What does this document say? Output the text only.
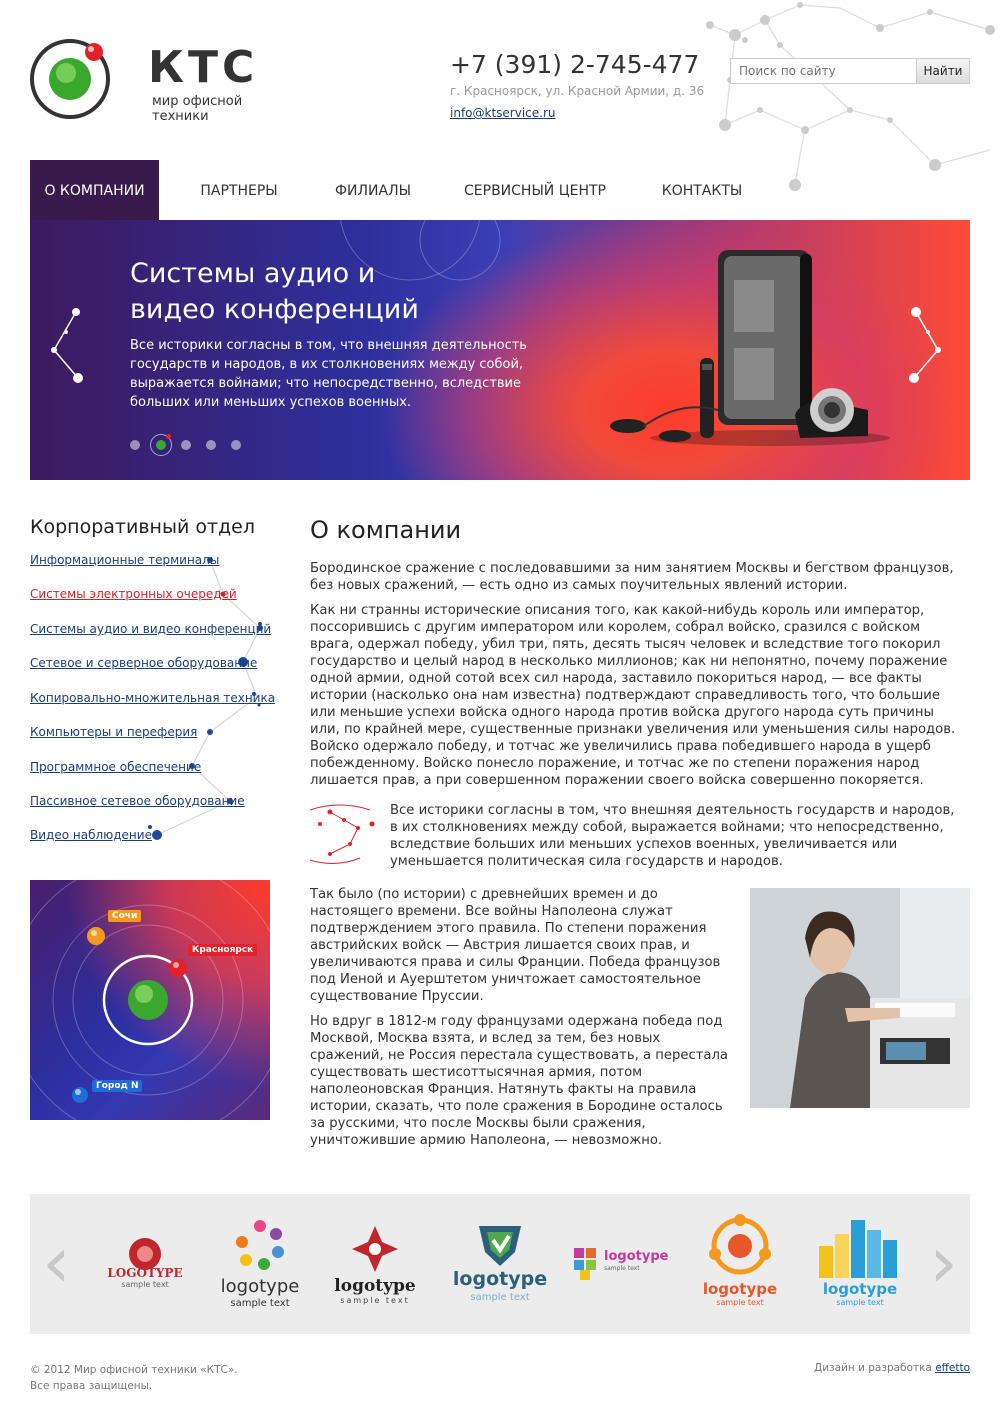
КТС
мир офисной техники
+7 (391) 2-745-477
г. Красноярск, ул. Красной Армии, д. 36
info@ktservice.ru
Поиск по сайту
Найти
О КОМПАНИИ	ПАРТНЕРЫ	ФИЛИАЛЫ	СЕРВИСНЫЙ ЦЕНТР	КОНТАКТЫ
Системы аудио и
видео конференций
Все историки согласны в том, что внешняя деятельность государств и народов, в их столкновениях между собой, выражается войнами; что непосредственно, вследствие больших или меньших успехов военных.
Корпоративный отдел
Информационные терминалы
Системы электронных очередей
Системы аудио и видео конференций
Сетевое и серверное оборудование
Копировально-множительная техника
Компьютеры и переферия
Программное обеспечение
Пассивное сетевое оборудование
Видео наблюдение
Сочи
Красноярск
Город N
О компании

Бородинское сражение с последовавшими за ним занятием Москвы и бегством французов, без новых сражений, — есть одно из самых поучительных явлений истории.

Как ни странны исторические описания того, как какой-нибудь король или император, поссорившись с другим императором или королем, собрал войско, сразился с войском врага, одержал победу, убил три, пять, десять тысяч человек и вследствие того покорил государство и целый народ в несколько миллионов; как ни непонятно, почему поражение одной армии, одной сотой всех сил народа, заставило покориться народ, — все факты истории (насколько она нам известна) подтверждают справедливость того, что большие или меньшие успехи войска одного народа против войска другого народа суть причины или, по крайней мере, существенные признаки увеличения или уменьшения силы народов. Войско одержало победу, и тотчас же увеличились права победившего народа в ущерб побежденному. Войско понесло поражение, и тотчас же по степени поражения народ лишается прав, а при совершенном поражении своего войска совершенно покоряется.

Все историки согласны в том, что внешняя деятельность государств и народов, в их столкновениях между собой, выражается войнами; что непосредственно, вследствие больших или меньших успехов военных, увеличивается или уменьшается политическая сила государств и народов.

Так было (по истории) с древнейших времен и до настоящего времени. Все войны Наполеона служат подтверждением этого правила. По степени поражения австрийских войск — Австрия лишается своих прав, и увеличиваются права и силы Франции. Победа французов под Иеной и Ауерштетом уничтожает самостоятельное существование Пруссии.

Но вдруг в 1812-м году французами одержана победа под Москвой, Москва взята, и вслед за тем, без новых сражений, не Россия перестала существовать, а перестала существовать шестисоттысячная армия, потом наполеоновская Франция. Натянуть факты на правила истории, сказать, что поле сражения в Бородине осталось за русскими, что после Москвы были сражения, уничтожившие армию Наполеона, — невозможно.

‹	›
LOGOTYPE
sample text	logotype
sample text
logotype
sample text
logotype
sample text
logotype
sample text
logotype
sample text
logotype
sample text
© 2012 Мир офисной техники «КТС».
Все права защищены.
Дизайн и разработка effetto
